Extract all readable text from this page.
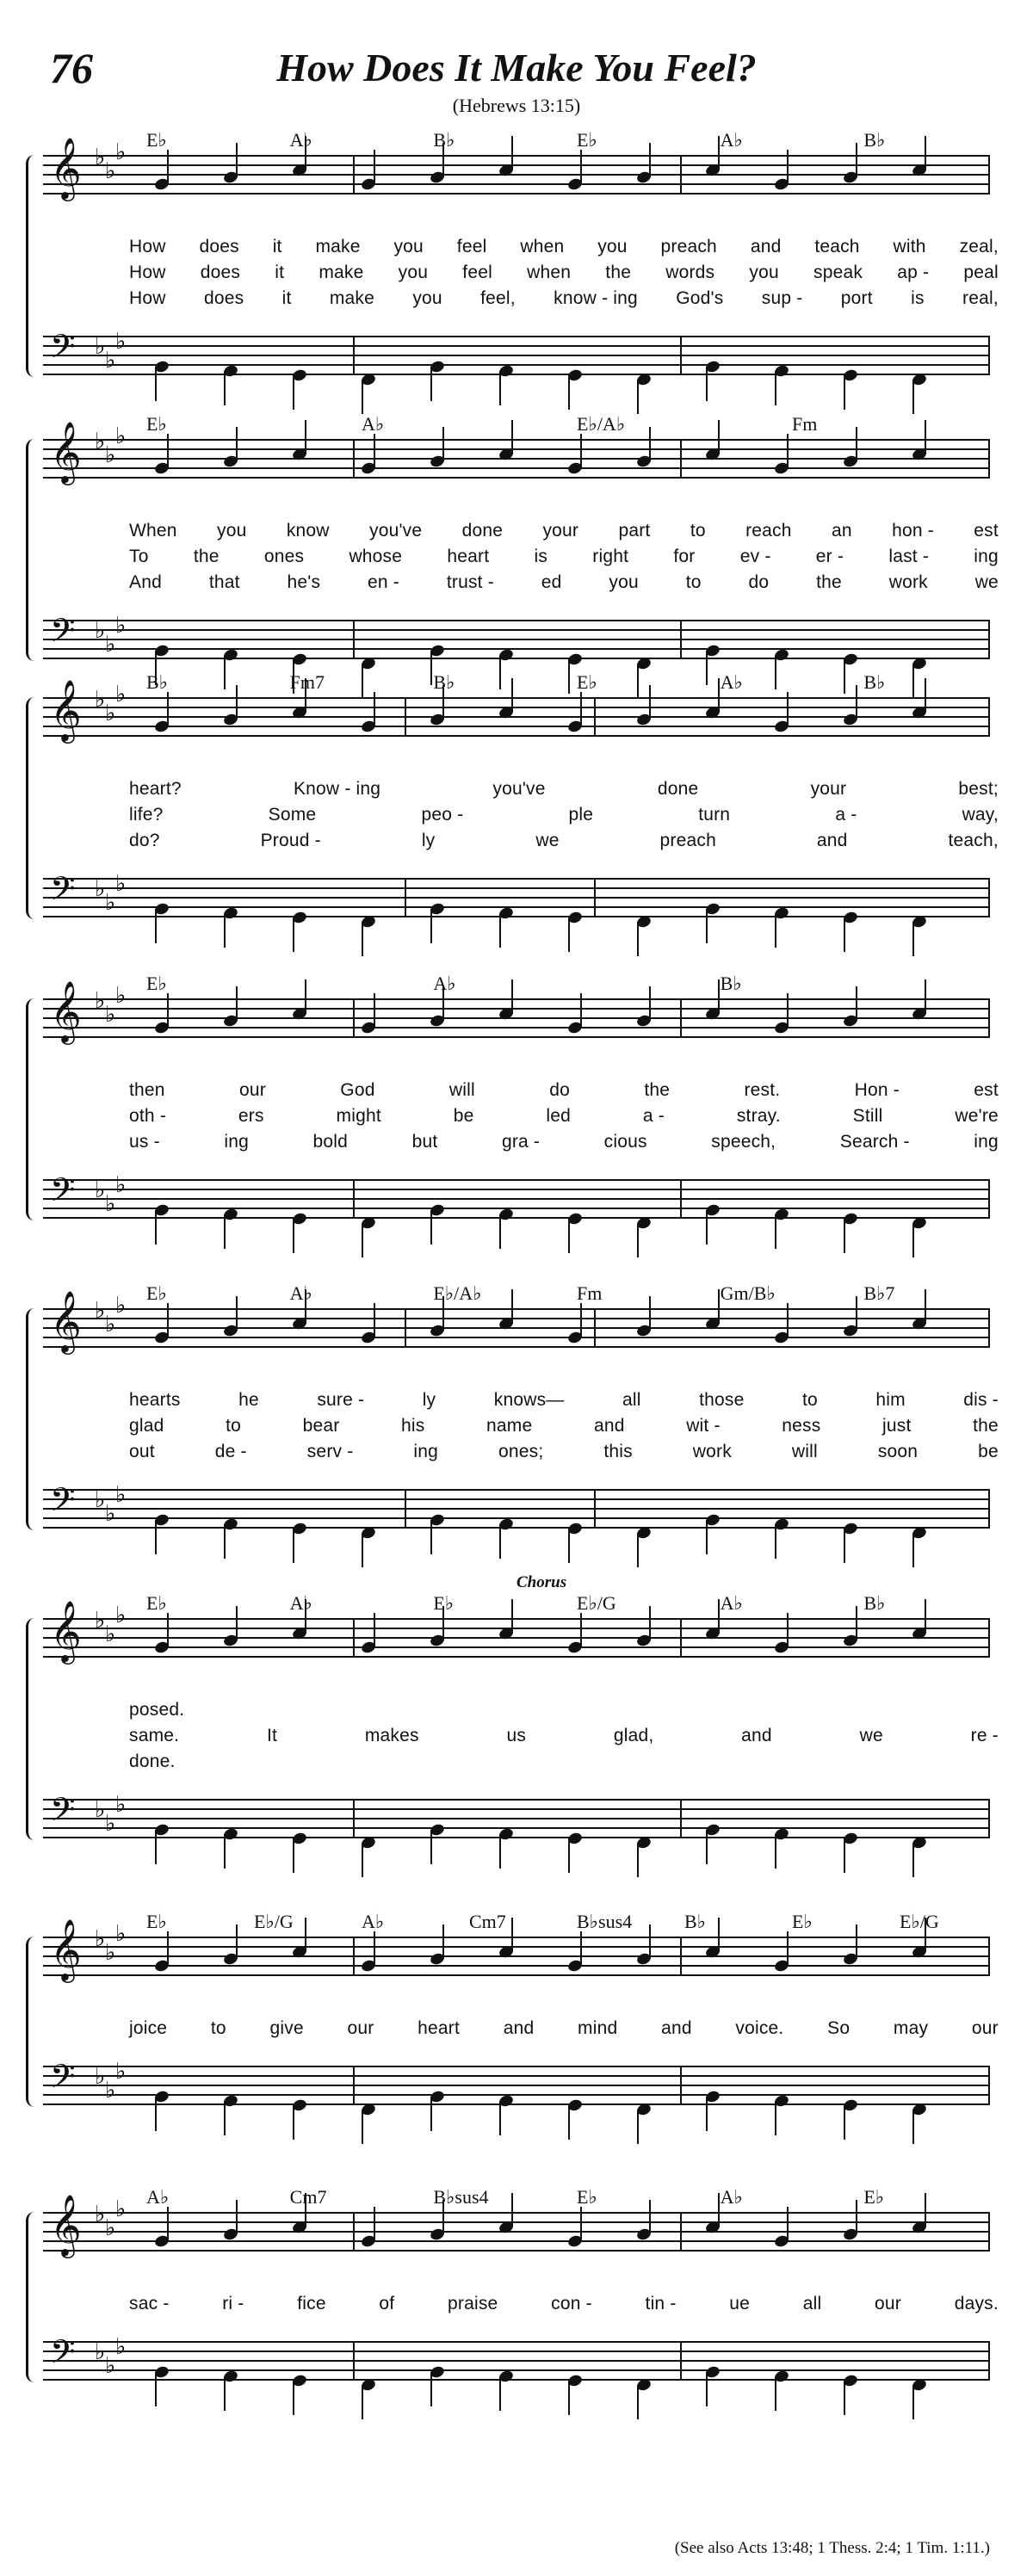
76	How Does It Make You Feel?
(Hebrews 13:15)
𝄞 ♭
♭
♭
𝄢 ♭
♭
♭
E♭	A♭	B♭	E♭	A♭	B♭
How does it make you feel when you preach and teach with zeal,
How does it make you feel when the words you speak ap - peal
How does it make you feel, know - ing God's sup - port is real,
𝄞 ♭
♭
♭
𝄢 ♭
♭
♭
E♭	A♭	E♭/A♭	Fm
When you know you've done your part to reach an hon - est
To the ones whose heart is right for ev - er - last - ing
And	that	he's	en -	trust -	ed	you	to	do	the	work	we
𝄞 ♭
♭
♭
𝄢 ♭
♭
♭
B♭	Fm7	B♭	E♭	A♭	B♭
heart?	Know - ing	you've	done	your	best;
life?	Some	peo -	ple	turn	a -	way,
do?	Proud -	ly	we	preach	and	teach,
𝄞 ♭
♭
♭
𝄢 ♭
♭
♭
E♭	A♭	B♭
then	our	God	will	do	the	rest.	Hon -	est
oth -	ers	might	be	led	a -	stray.	Still	we're
us -	ing	bold	but	gra -	cious	speech,	Search -	ing
𝄞 ♭
♭
♭
𝄢 ♭
♭
♭
E♭	A♭	E♭/A♭	Fm	Gm/B♭	B♭7
hearts	he	sure -	ly	knows—	all	those	to	him	dis -
glad	to	bear	his	name	and	wit -	ness	just	the
out	de -	serv -	ing	ones;	this	work	will	soon	be
𝄞 ♭
♭
♭
𝄢 ♭
♭
♭
E♭	A♭	E♭	E♭/G	A♭	B♭
Chorus
posed.
same.	It	makes	us	glad,	and	we	re -
done.
𝄞 ♭
♭
♭
𝄢 ♭
♭
♭
E♭	E♭/G	A♭	Cm7	B♭sus4	B♭	E♭	E♭/G
joice to give our heart and mind and voice. So may our
𝄞 ♭
♭
♭
𝄢 ♭
♭
♭
A♭	Cm7	B♭sus4	E♭	A♭	E♭
sac -	ri -	fice	of	praise	con -	tin -	ue	all	our	days.
(See also Acts 13:48; 1 Thess. 2:4; 1 Tim. 1:11.)
